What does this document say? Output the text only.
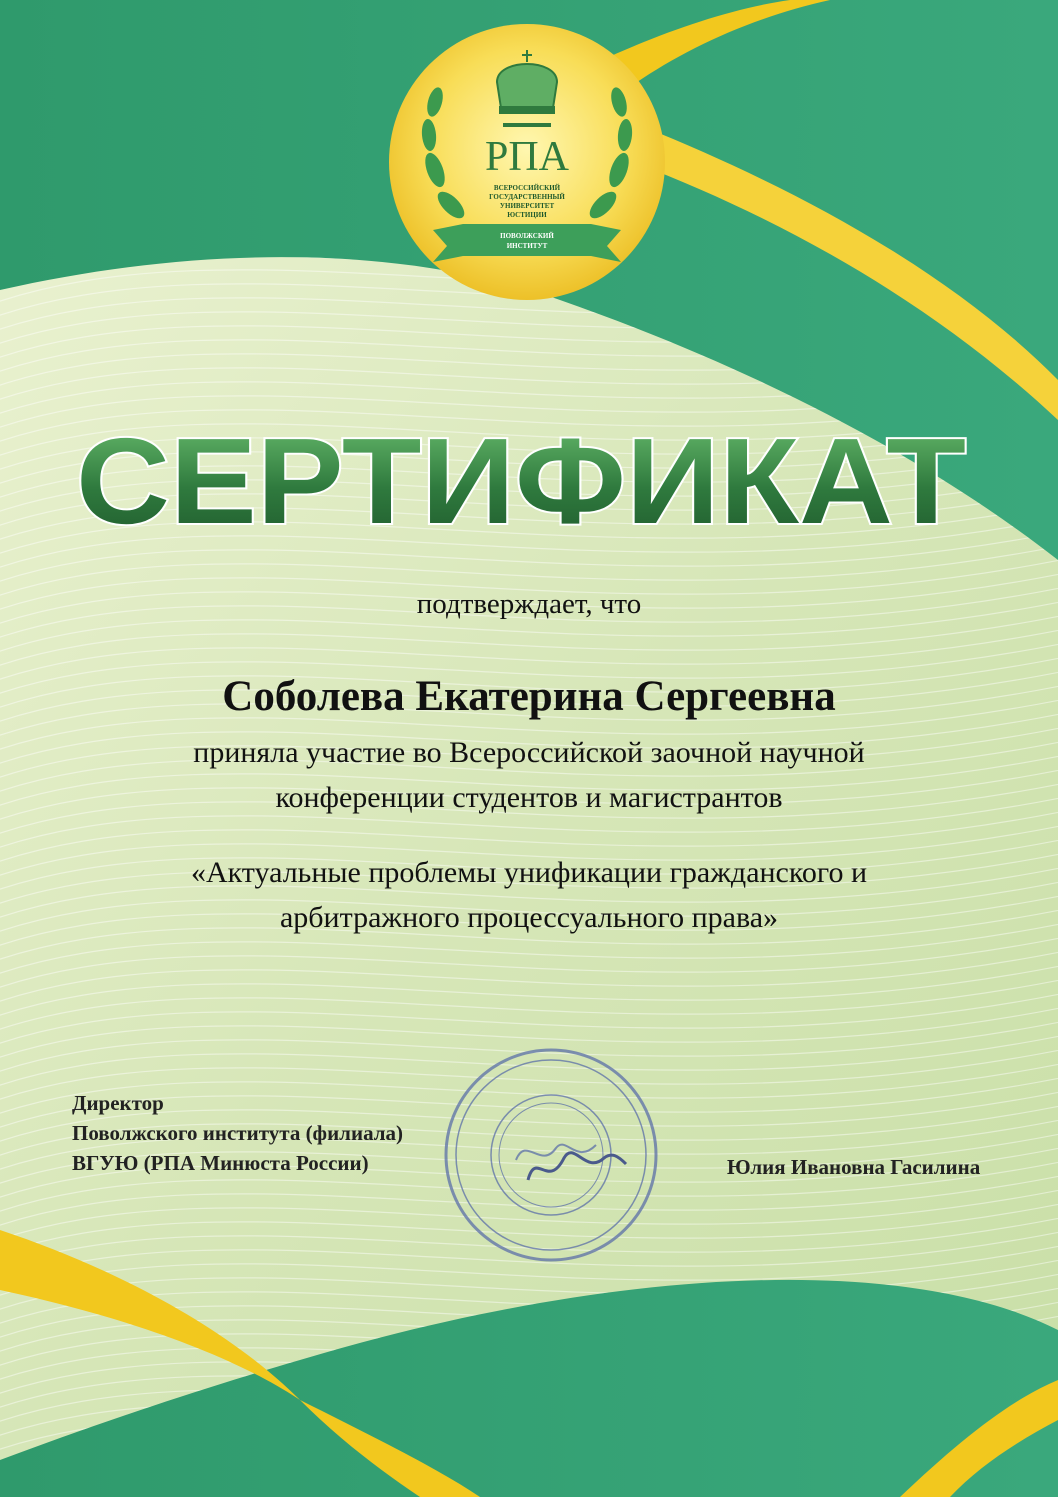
РПА
ВСЕРОССИЙСКИЙ
ГОСУДАРСТВЕННЫЙ
УНИВЕРСИТЕТ
ЮСТИЦИИ
ПОВОЛЖСКИЙ
ИНСТИТУТ
СЕРТИФИКАТ
подтверждает, что
Соболева Екатерина Сергеевна
приняла участие во Всероссийской заочной научной
конференции студентов и магистрантов
«Актуальные проблемы унификации гражданского и
арбитражного процессуального права»
Директор
Поволжского института (филиала)
ВГУЮ (РПА Минюста России)	Юлия Ивановна Гасилина
